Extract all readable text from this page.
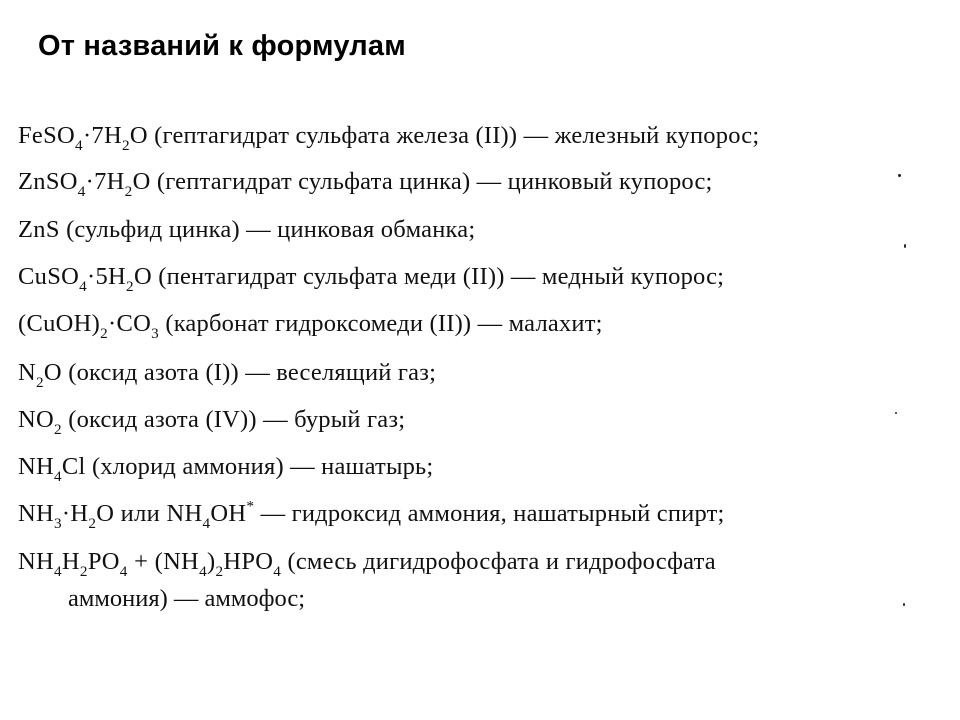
От названий к формулам
$FeSO_4\cdot 7H_2O$ (гептагидрат сульфата железа (II)) — железный купорос;
$ZnSO_4\cdot 7H_2O$ (гептагидрат сульфата цинка) — цинковый купорос;
ZnS (сульфид цинка) — цинковая обманка;
$CuSO_4\cdot 5H_2O$ (пентагидрат сульфата меди (II)) — медный купорос;
$(CuOH)_2\cdot CO_3$ (карбонат гидроксомеди (II)) — малахит;
$N_2O$ (оксид азота (I)) — веселящий газ;
$NO_2$ (оксид азота (IV)) — бурый газ;
$NH_4Cl$ (хлорид аммония) — нашатырь;
$NH_3\cdot H_2O$ или $NH_4OH^*$ — гидроксид аммония, нашатырный спирт;
$NH_4H_2PO_4 + (NH_4)_2HPO_4$ (смесь дигидрофосфата и гидрофосфата
аммония) — аммофос;
